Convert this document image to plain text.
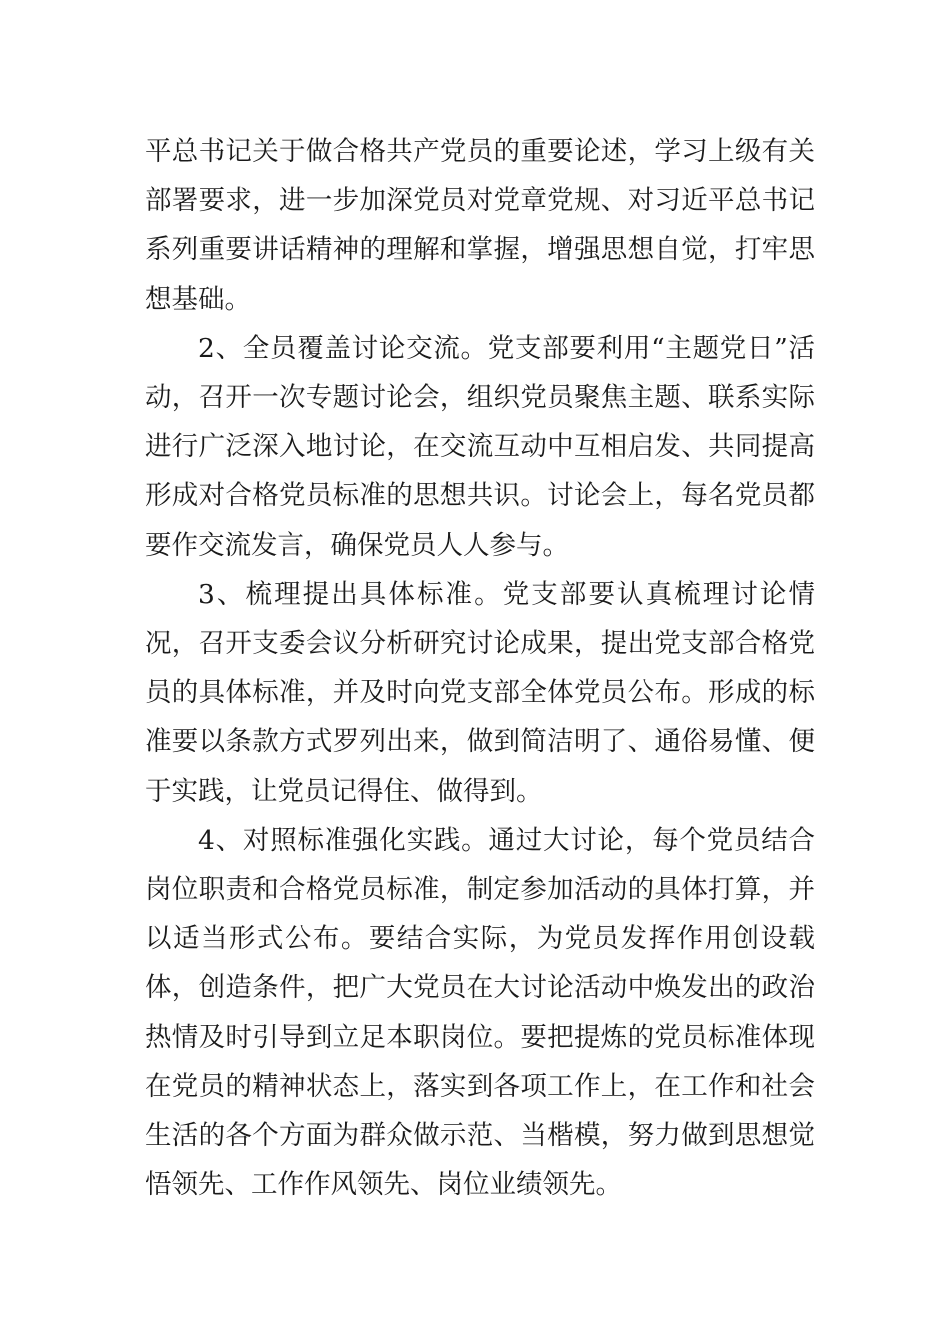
平总书记关于做合格共产党员的重要论述，学习上级有关部署要求，进一步加深党员对党章党规、对习近平总书记系列重要讲话精神的理解和掌握，增强思想自觉，打牢思想基础。

2、全员覆盖讨论交流。党支部要利用“主题党日”活动，召开一次专题讨论会，组织党员聚焦主题、联系实际进行广泛深入地讨论，在交流互动中互相启发、共同提高形成对合格党员标准的思想共识。讨论会上，每名党员都要作交流发言，确保党员人人参与。

3、梳理提出具体标准。党支部要认真梳理讨论情况，召开支委会议分析研究讨论成果，提出党支部合格党员的具体标准，并及时向党支部全体党员公布。形成的标准要以条款方式罗列出来，做到简洁明了、通俗易懂、便于实践，让党员记得住、做得到。

4、对照标准强化实践。通过大讨论，每个党员结合岗位职责和合格党员标准，制定参加活动的具体打算，并以适当形式公布。要结合实际，为党员发挥作用创设载体，创造条件，把广大党员在大讨论活动中焕发出的政治热情及时引导到立足本职岗位。要把提炼的党员标准体现在党员的精神状态上，落实到各项工作上，在工作和社会生活的各个方面为群众做示范、当楷模，努力做到思想觉悟领先、工作作风领先、岗位业绩领先。
